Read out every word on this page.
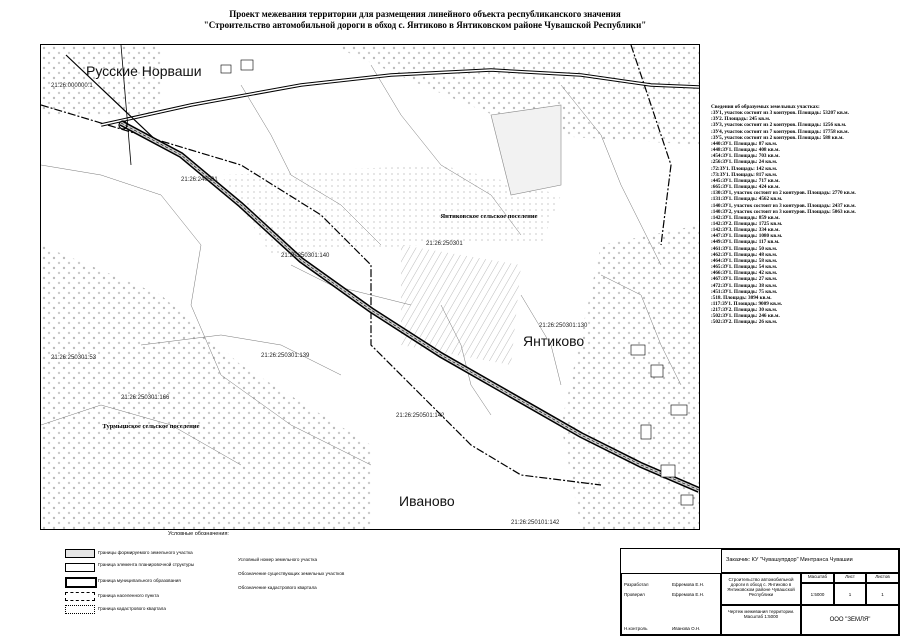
Проект межевания территории для размещения линейного объекта республиканского значения
"Строительство автомобильной дороги в обход с. Янтиково в Янтиковском районе Чувашской Республики"
Русские Норваши
Янтиково
Иваново
Янтиковское сельское поселение
Турмышское сельское поселение
21:26:240501
21:26:250301
21:26:250301:140
21:26:250301:130
21:26:250301:139
21:26:250301:53
21:26:250501:142
21:26:250301:166
21:26:000000:1
21:26:250101:142
Сведения об образуемых земельных участках:
:ЗУ1, участок состоит из 3 контуров. Площадь: 53207 кв.м.
:ЗУ2. Площадь: 245 кв.м.
:ЗУ3, участок состоит из 2 контуров. Площадь: 1256 кв.м.
:ЗУ4, участок состоит из 7 контуров. Площадь: 17758 кв.м.
:ЗУ5, участок состоит из 2 контуров. Площадь: 588 кв.м.
:440:ЗУ1. Площадь: 87 кв.м.
:448:ЗУ1. Площадь: 408 кв.м.
:454:ЗУ1. Площадь: 703 кв.м.
:256:ЗУ1. Площадь: 24 кв.м.
:72:ЗУ1. Площадь: 142 кв.м.
:73:ЗУ1. Площадь: 817 кв.м.
:445:ЗУ1. Площадь: 717 кв.м.
:665:ЗУ1. Площадь: 424 кв.м.
:130:ЗУ1, участок состоит из 2 контуров. Площадь: 2770 кв.м.
:131:ЗУ1. Площадь: 4562 кв.м.
:140:ЗУ1, участок состоит из 3 контуров. Площадь: 2437 кв.м.
:140:ЗУ2, участок состоит из 3 контуров. Площадь: 5063 кв.м.
:142:ЗУ1. Площадь: 859 кв.м.
:142:ЗУ2. Площадь: 1725 кв.м.
:142:ЗУ3. Площадь: 334 кв.м.
:447:ЗУ1. Площадь: 1080 кв.м.
:449:ЗУ1. Площадь: 117 кв.м.
:461:ЗУ1. Площадь: 50 кв.м.
:462:ЗУ1. Площадь: 48 кв.м.
:464:ЗУ1. Площадь: 58 кв.м.
:465:ЗУ1. Площадь: 54 кв.м.
:466:ЗУ1. Площадь: 42 кв.м.
:467:ЗУ1. Площадь: 27 кв.м.
:472:ЗУ1. Площадь: 38 кв.м.
:451:ЗУ1. Площадь: 75 кв.м.
:518. Площадь: 3094 кв.м.
:117:ЗУ1. Площадь: 9009 кв.м.
:217:ЗУ2. Площадь: 30 кв.м.
:502:ЗУ1. Площадь: 246 кв.м.
:502:ЗУ2. Площадь: 26 кв.м.
Условные обозначения:
Границы формируемого земельного участка
Граница элемента планировочной структуры
Граница муниципального образования
Граница населенного пункта
Граница кадастрового квартала
Условный номер земельного участка
Обозначение существующих земельных участков
Обозначение кадастрового квартала
Заказчик: КУ "Чувашупрдор" Минтранса Чувашии
Разработал	Ефремова Е.Н.
Проверил	Ефремова Е.Н.
Н.контроль	Иванова О.Н.
Строительство автомобильной дороги в обход с. Янтиково в Янтиковском районе Чувашской Республики
Чертеж межевания территории. Масштаб 1:5000
Масштаб	Лист	Листов
1:5000	1	1
ООО "ЗЕМЛЯ"
